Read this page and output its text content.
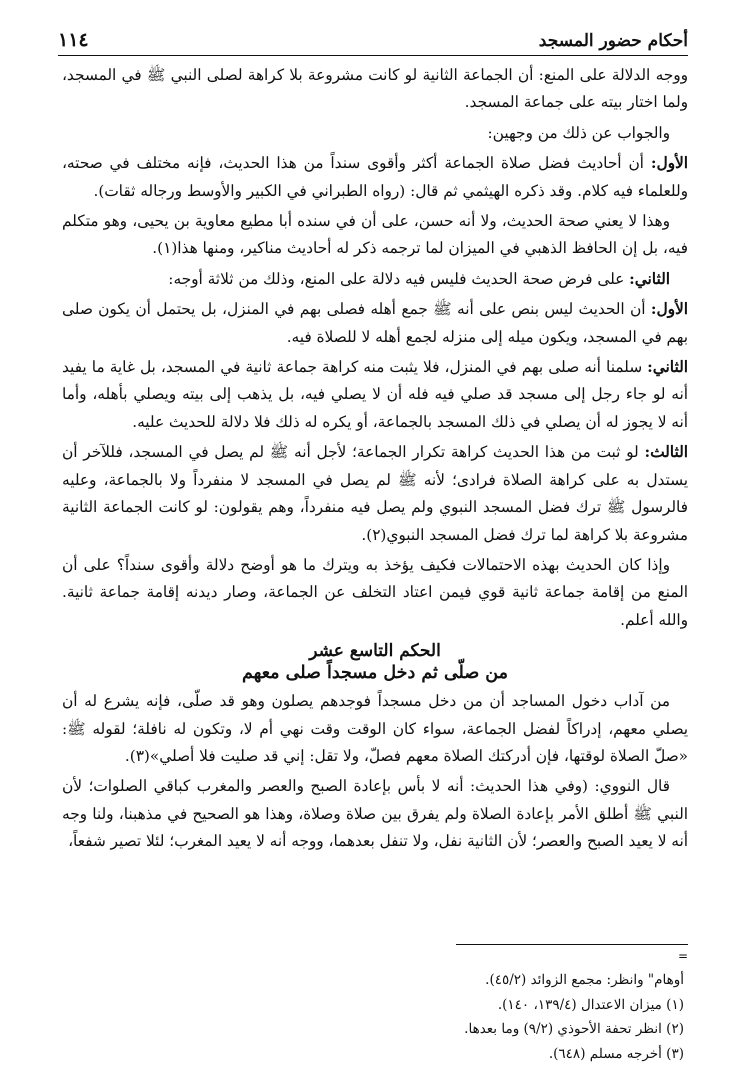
أحكام حضور المسجد
١١٤

ووجه الدلالة على المنع: أن الجماعة الثانية لو كانت مشروعة بلا كراهة لصلى النبي ﷺ في المسجد، ولما اختار بيته على جماعة المسجد.

والجواب عن ذلك من وجهين:

الأول: أن أحاديث فضل صلاة الجماعة أكثر وأقوى سنداً من هذا الحديث، فإنه مختلف في صحته، وللعلماء فيه كلام. وقد ذكره الهيثمي ثم قال: (رواه الطبراني في الكبير والأوسط ورجاله ثقات).

وهذا لا يعني صحة الحديث، ولا أنه حسن، على أن في سنده أبا مطيع معاوية بن يحيى، وهو متكلم فيه، بل إن الحافظ الذهبي في الميزان لما ترجمه ذكر له أحاديث مناكير، ومنها هذا(١).

الثاني: على فرض صحة الحديث فليس فيه دلالة على المنع، وذلك من ثلاثة أوجه:

الأول: أن الحديث ليس بنص على أنه ﷺ جمع أهله فصلى بهم في المنزل، بل يحتمل أن يكون صلى بهم في المسجد، ويكون ميله إلى منزله لجمع أهله لا للصلاة فيه.

الثاني: سلمنا أنه صلى بهم في المنزل، فلا يثبت منه كراهة جماعة ثانية في المسجد، بل غاية ما يفيد أنه لو جاء رجل إلى مسجد قد صلي فيه فله أن لا يصلي فيه، بل يذهب إلى بيته ويصلي بأهله، وأما أنه لا يجوز له أن يصلي في ذلك المسجد بالجماعة، أو يكره له ذلك فلا دلالة للحديث عليه.

الثالث: لو ثبت من هذا الحديث كراهة تكرار الجماعة؛ لأجل أنه ﷺ لم يصل في المسجد، فللآخر أن يستدل به على كراهة الصلاة فرادى؛ لأنه ﷺ لم يصل في المسجد لا منفرداً ولا بالجماعة، وعليه فالرسول ﷺ ترك فضل المسجد النبوي ولم يصل فيه منفرداً، وهم يقولون: لو كانت الجماعة الثانية مشروعة بلا كراهة لما ترك فضل المسجد النبوي(٢).

وإذا كان الحديث بهذه الاحتمالات فكيف يؤخذ به ويترك ما هو أوضح دلالة وأقوى سنداً؟ على أن المنع من إقامة جماعة ثانية قوي فيمن اعتاد التخلف عن الجماعة، وصار ديدنه إقامة جماعة ثانية. والله أعلم.

الحكم التاسع عشر
من صلّى ثم دخل مسجداً صلى معهم

من آداب دخول المساجد أن من دخل مسجداً فوجدهم يصلون وهو قد صلّى، فإنه يشرع له أن يصلي معهم، إدراكاً لفضل الجماعة، سواء كان الوقت وقت نهي أم لا، وتكون له نافلة؛ لقوله ﷺ: «صلّ الصلاة لوقتها، فإن أدركتك الصلاة معهم فصلّ، ولا تقل: إني قد صليت فلا أصلي»(٣).

قال النووي: (وفي هذا الحديث: أنه لا بأس بإعادة الصبح والعصر والمغرب كباقي الصلوات؛ لأن النبي ﷺ أطلق الأمر بإعادة الصلاة ولم يفرق بين صلاة وصلاة، وهذا هو الصحيح في مذهبنا، ولنا وجه أنه لا يعيد الصبح والعصر؛ لأن الثانية نفل، ولا تنفل بعدهما، ووجه أنه لا يعيد المغرب؛ لئلا تصير شفعاً،

=
أوهام" وانظر: مجمع الزوائد (٤٥/٢).
(١) ميزان الاعتدال (١٣٩/٤، ١٤٠).
(٢) انظر تحفة الأحوذي (٩/٢) وما بعدها.
(٣) أخرجه مسلم (٦٤٨).
